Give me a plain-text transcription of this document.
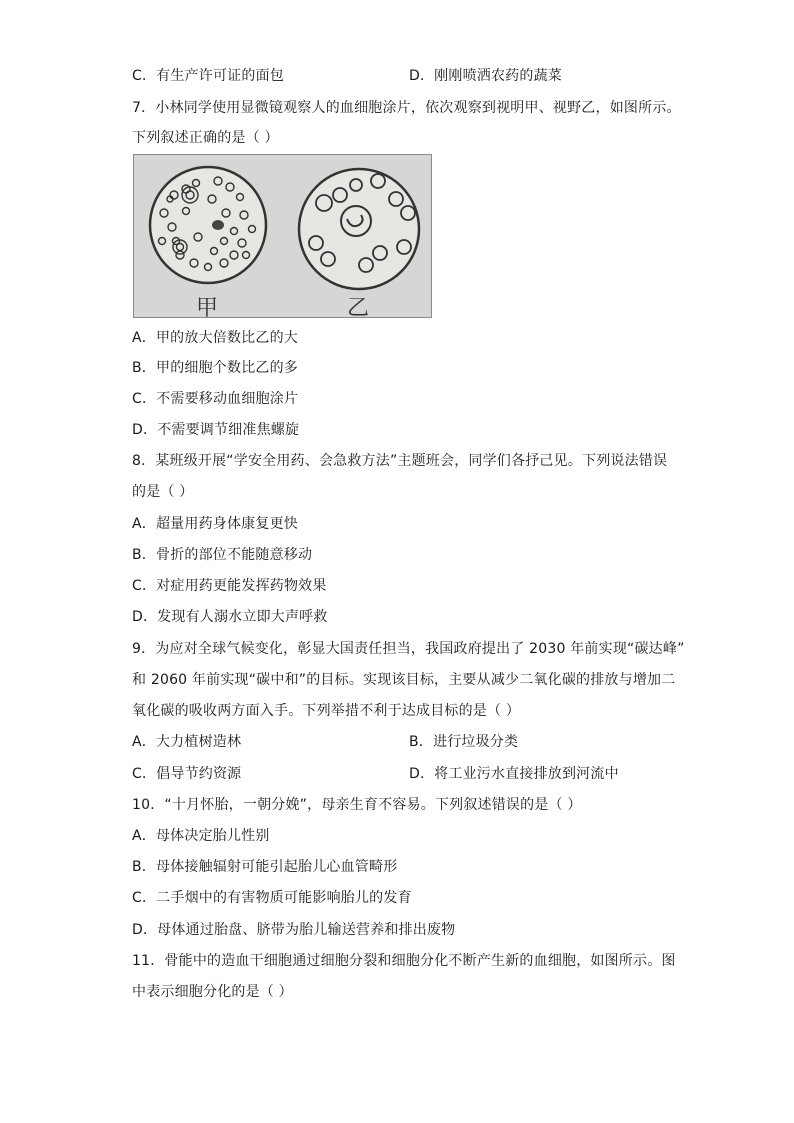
C．有生产许可证的面包	D．刚刚喷洒农药的蔬菜
7．小林同学使用显微镜观察人的血细胞涂片，依次观察到视明甲、视野乙，如图所示。
下列叙述正确的是（ ）
甲	乙
A．甲的放大倍数比乙的大
B．甲的细胞个数比乙的多
C．不需要移动血细胞涂片
D．不需要调节细准焦螺旋
8．某班级开展“学安全用药、会急救方法”主题班会，同学们各抒己见。下列说法错误
的是（ ）
A．超量用药身体康复更快
B．骨折的部位不能随意移动
C．对症用药更能发挥药物效果
D．发现有人溺水立即大声呼救
9．为应对全球气候变化，彰显大国责任担当，我国政府提出了 2030 年前实现“碳达峰”
和 2060 年前实现“碳中和”的目标。实现该目标，主要从减少二氧化碳的排放与增加二
氧化碳的吸收两方面入手。下列举措不利于达成目标的是（ ）
A．大力植树造林	B．进行垃圾分类
C．倡导节约资源	D．将工业污水直接排放到河流中
10．“十月怀胎，一朝分娩”，母亲生育不容易。下列叙述错误的是（ ）
A．母体决定胎儿性别
B．母体接触辐射可能引起胎儿心血管畸形
C．二手烟中的有害物质可能影响胎儿的发育
D．母体通过胎盘、脐带为胎儿输送营养和排出废物
11．骨能中的造血干细胞通过细胞分裂和细胞分化不断产生新的血细胞，如图所示。图
中表示细胞分化的是（ ）
